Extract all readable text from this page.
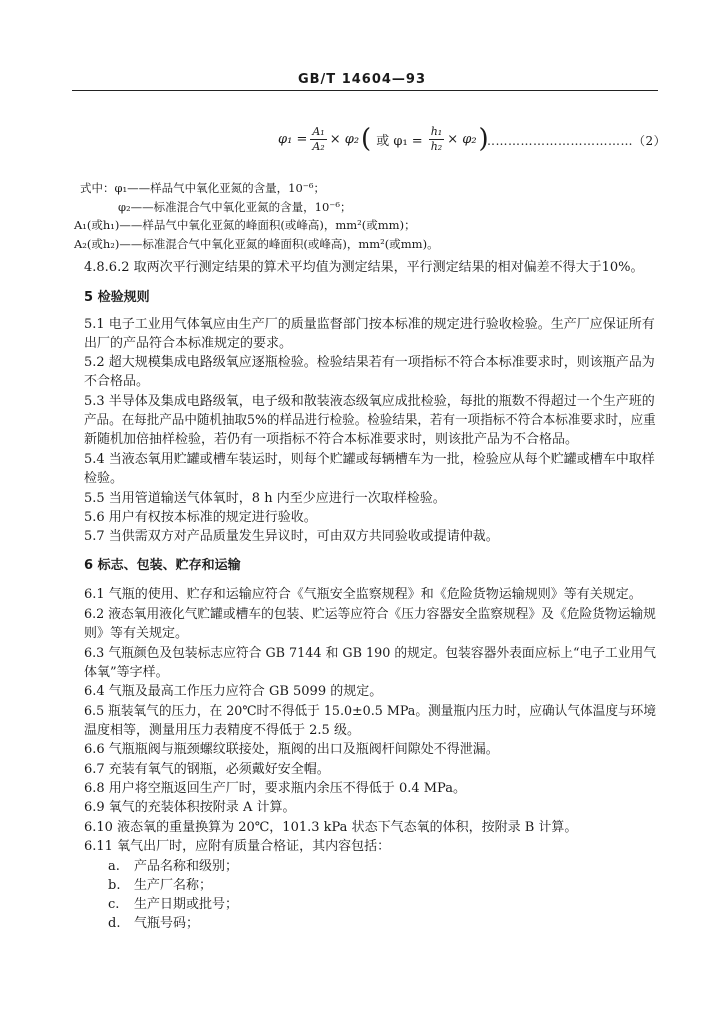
GB/T 14604—93
$\varphi_1 = \frac{\text{A₁}}{\text{A₂}} \times \varphi_2$ ( 或 $\varphi_1 = \frac{\text{h₁}}{\text{h₂}} \times \varphi_2$ )
………………………………（2）
式中：φ₁——样品气中氧化亚氮的含量，10⁻⁶；
φ₂——标准混合气中氧化亚氮的含量，10⁻⁶；
A₁(或h₁)——样品气中氧化亚氮的峰面积(或峰高)，mm²(或mm)；
A₂(或h₂)——标准混合气中氧化亚氮的峰面积(或峰高)，mm²(或mm)。
4.8.6.2 取两次平行测定结果的算术平均值为测定结果，平行测定结果的相对偏差不得大于10%。
5 检验规则
5.1 电子工业用气体氧应由生产厂的质量监督部门按本标准的规定进行验收检验。生产厂应保证所有
出厂的产品符合本标准规定的要求。
5.2 超大规模集成电路级氧应逐瓶检验。检验结果若有一项指标不符合本标准要求时，则该瓶产品为
不合格品。
5.3 半导体及集成电路级氧，电子级和散装液态级氧应成批检验，每批的瓶数不得超过一个生产班的
产品。在每批产品中随机抽取5%的样品进行检验。检验结果，若有一项指标不符合本标准要求时，应重
新随机加倍抽样检验，若仍有一项指标不符合本标准要求时，则该批产品为不合格品。
5.4 当液态氧用贮罐或槽车装运时，则每个贮罐或每辆槽车为一批，检验应从每个贮罐或槽车中取样
检验。
5.5 当用管道输送气体氧时，8 h 内至少应进行一次取样检验。
5.6 用户有权按本标准的规定进行验收。
5.7 当供需双方对产品质量发生异议时，可由双方共同验收或提请仲裁。
6 标志、包装、贮存和运输
6.1 气瓶的使用、贮存和运输应符合《气瓶安全监察规程》和《危险货物运输规则》等有关规定。
6.2 液态氧用液化气贮罐或槽车的包装、贮运等应符合《压力容器安全监察规程》及《危险货物运输规
则》等有关规定。
6.3 气瓶颜色及包装标志应符合 GB 7144 和 GB 190 的规定。包装容器外表面应标上“电子工业用气
体氧”等字样。
6.4 气瓶及最高工作压力应符合 GB 5099 的规定。
6.5 瓶装氧气的压力，在 20℃时不得低于 15.0±0.5 MPa。测量瓶内压力时，应确认气体温度与环境
温度相等，测量用压力表精度不得低于 2.5 级。
6.6 气瓶瓶阀与瓶颈螺纹联接处，瓶阀的出口及瓶阀杆间隙处不得泄漏。
6.7 充装有氧气的钢瓶，必须戴好安全帽。
6.8 用户将空瓶返回生产厂时，要求瓶内余压不得低于 0.4 MPa。
6.9 氧气的充装体积按附录 A 计算。
6.10 液态氧的重量换算为 20℃，101.3 kPa 状态下气态氧的体积，按附录 B 计算。
6.11 氧气出厂时，应附有质量合格证，其内容包括：
a. 产品名称和级别；
b. 生产厂名称；
c. 生产日期或批号；
d. 气瓶号码；
